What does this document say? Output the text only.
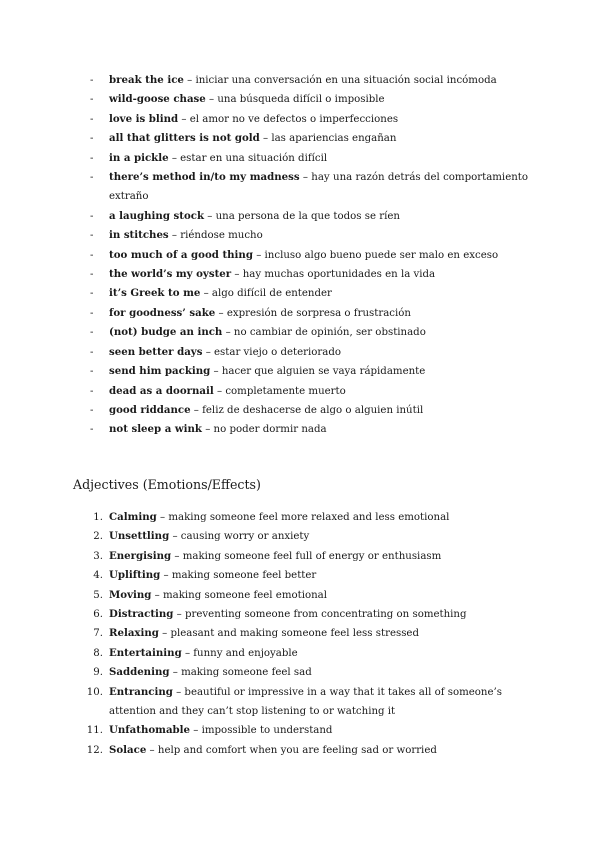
- break the ice – iniciar una conversación en una situación social incómoda
- wild-goose chase – una búsqueda difícil o imposible
- love is blind – el amor no ve defectos o imperfecciones
- all that glitters is not gold – las apariencias engañan
- in a pickle – estar en una situación difícil
- there’s method in/to my madness – hay una razón detrás del comportamiento extraño
- a laughing stock – una persona de la que todos se ríen
- in stitches – riéndose mucho
- too much of a good thing – incluso algo bueno puede ser malo en exceso
- the world’s my oyster – hay muchas oportunidades en la vida
- it’s Greek to me – algo difícil de entender
- for goodness’ sake – expresión de sorpresa o frustración
- (not) budge an inch – no cambiar de opinión, ser obstinado
- seen better days – estar viejo o deteriorado
- send him packing – hacer que alguien se vaya rápidamente
- dead as a doornail – completamente muerto
- good riddance – feliz de deshacerse de algo o alguien inútil
- not sleep a wink – no poder dormir nada
Adjectives (Emotions/Effects)
1. Calming – making someone feel more relaxed and less emotional
2. Unsettling – causing worry or anxiety
3. Energising – making someone feel full of energy or enthusiasm
4. Uplifting – making someone feel better
5. Moving – making someone feel emotional
6. Distracting – preventing someone from concentrating on something
7. Relaxing – pleasant and making someone feel less stressed
8. Entertaining – funny and enjoyable
9. Saddening – making someone feel sad
10. Entrancing – beautiful or impressive in a way that it takes all of someone’s attention and they can’t stop listening to or watching it
11. Unfathomable – impossible to understand
12. Solace – help and comfort when you are feeling sad or worried
